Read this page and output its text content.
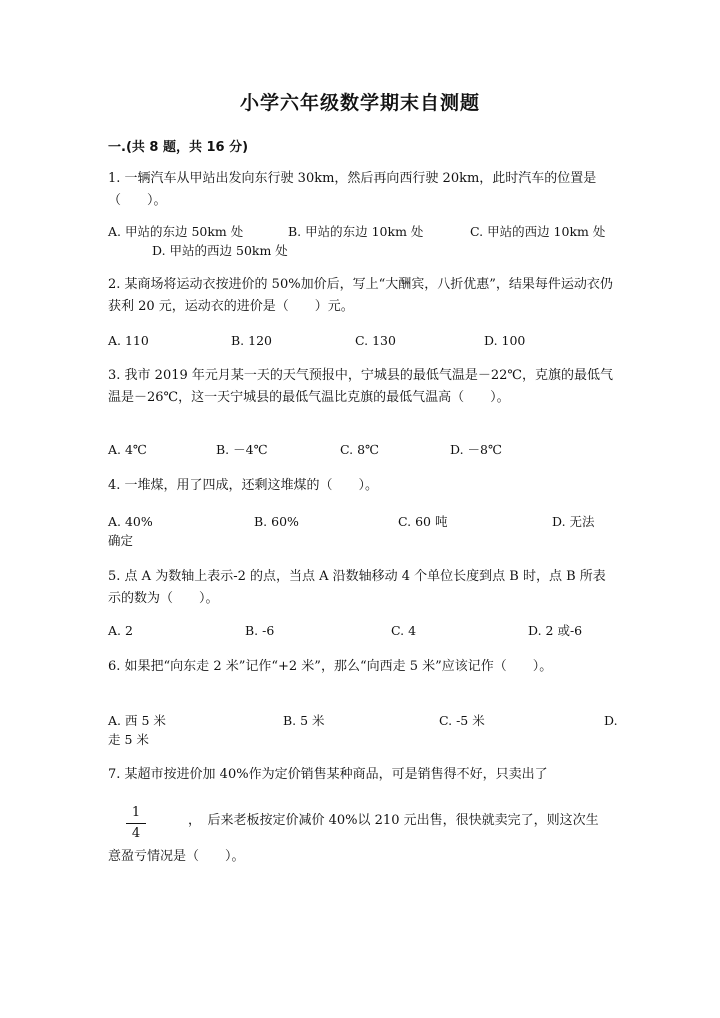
小学六年级数学期末自测题
一.(共 8 题，共 16 分)
1. 一辆汽车从甲站出发向东行驶 30km，然后再向西行驶 20km，此时汽车的位置是（　　）。
A. 甲站的东边 50km 处	B. 甲站的东边 10km 处	C. 甲站的西边 10km 处
D. 甲站的西边 50km 处
2. 某商场将运动衣按进价的 50%加价后，写上“大酬宾，八折优惠”，结果每件运动衣仍获利 20 元，运动衣的进价是（　　）元。
A. 110	B. 120	C. 130	D. 100
3. 我市 2019 年元月某一天的天气预报中，宁城县的最低气温是－22℃，克旗的最低气温是－26℃，这一天宁城县的最低气温比克旗的最低气温高（　　）。
A. 4℃	B. －4℃	C. 8℃	D. －8℃
4. 一堆煤，用了四成，还剩这堆煤的（　　）。
A. 40%	B. 60%	C. 60 吨	D. 无法
确定
5. 点 A 为数轴上表示-2 的点，当点 A 沿数轴移动 4 个单位长度到点 B 时，点 B 所表示的数为（　　）。
A. 2	B. -6	C. 4	D. 2 或-6
6. 如果把“向东走 2 米”记作“+2 米”，那么“向西走 5 米”应该记作（　　）。
A. 西 5 米	B. 5 米	C. -5 米	D.
走 5 米
7. 某超市按进价加 40%作为定价销售某种商品，可是销售得不好，只卖出了
1
4
，　后来老板按定价减价 40%以 210 元出售，很快就卖完了，则这次生
意盈亏情况是（　　）。
